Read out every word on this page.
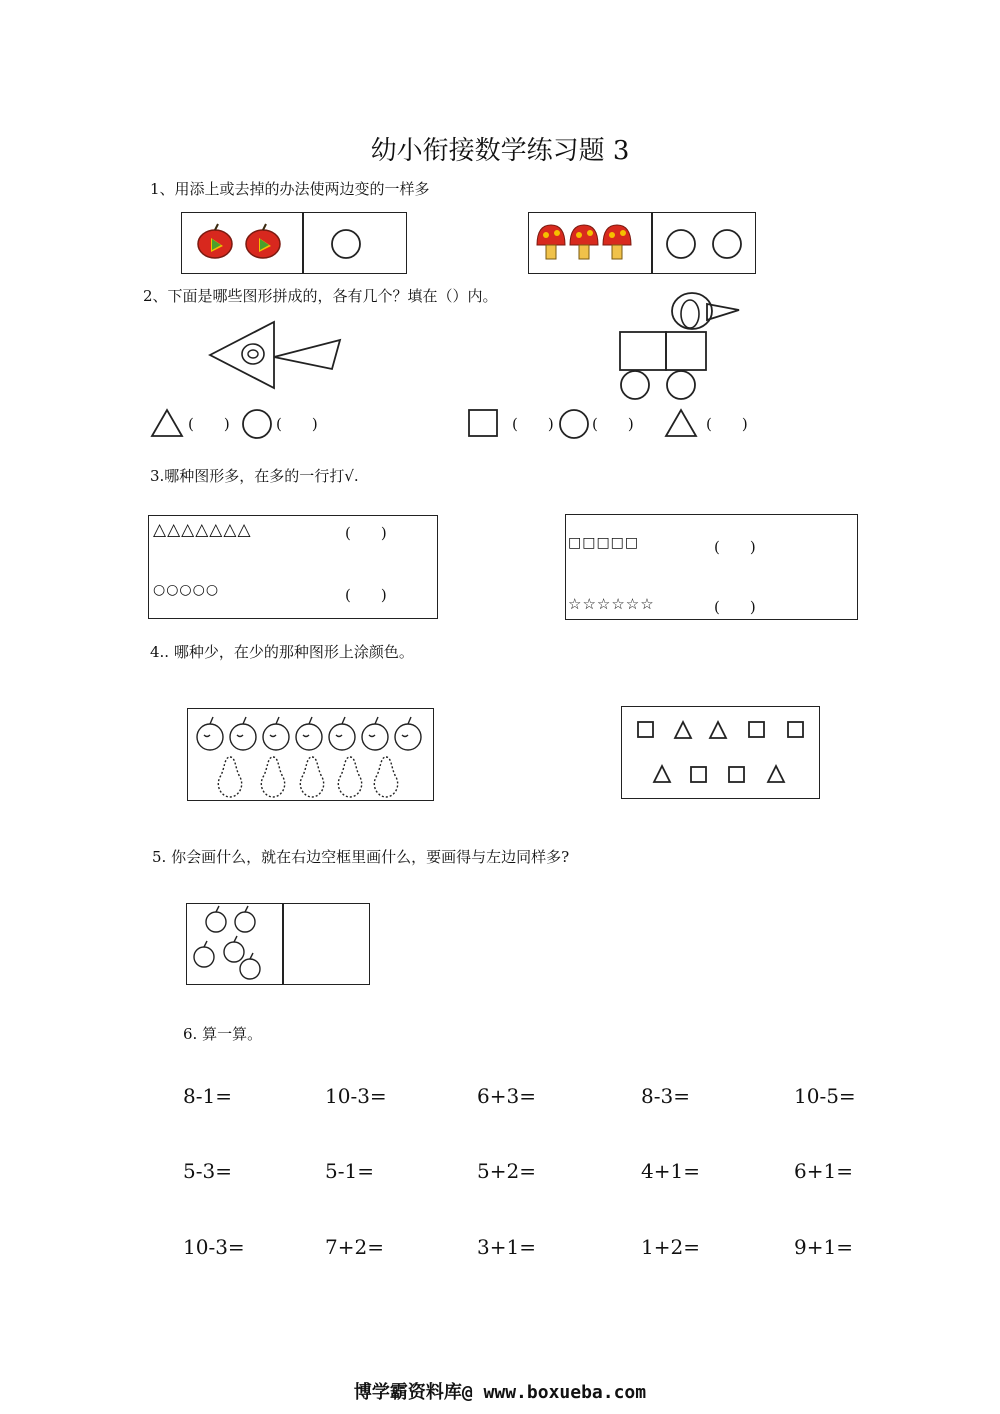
幼小衔接数学练习题 3
1、用添上或去掉的办法使两边变的一样多
2、下面是哪些图形拼成的，各有几个？填在（）内。
(　　)	(　　)	(　　)	(　　)	(　　)
3.哪种图形多，在多的一行打√.
△△△△△△△	(　　)
○○○○○	(　　)
□□□□□	(　　)
☆☆☆☆☆☆	(　　)
4.. 哪种少，在少的那种图形上涂颜色。
5. 你会画什么，就在右边空框里画什么，要画得与左边同样多?
6. 算一算。
8-1=	10-3=	6+3=	8-3=	10-5=
5-3=	5-1=	5+2=	4+1=	6+1=
10-3=	7+2=	3+1=	1+2=	9+1=
博学霸资料库@ www.boxueba.com
